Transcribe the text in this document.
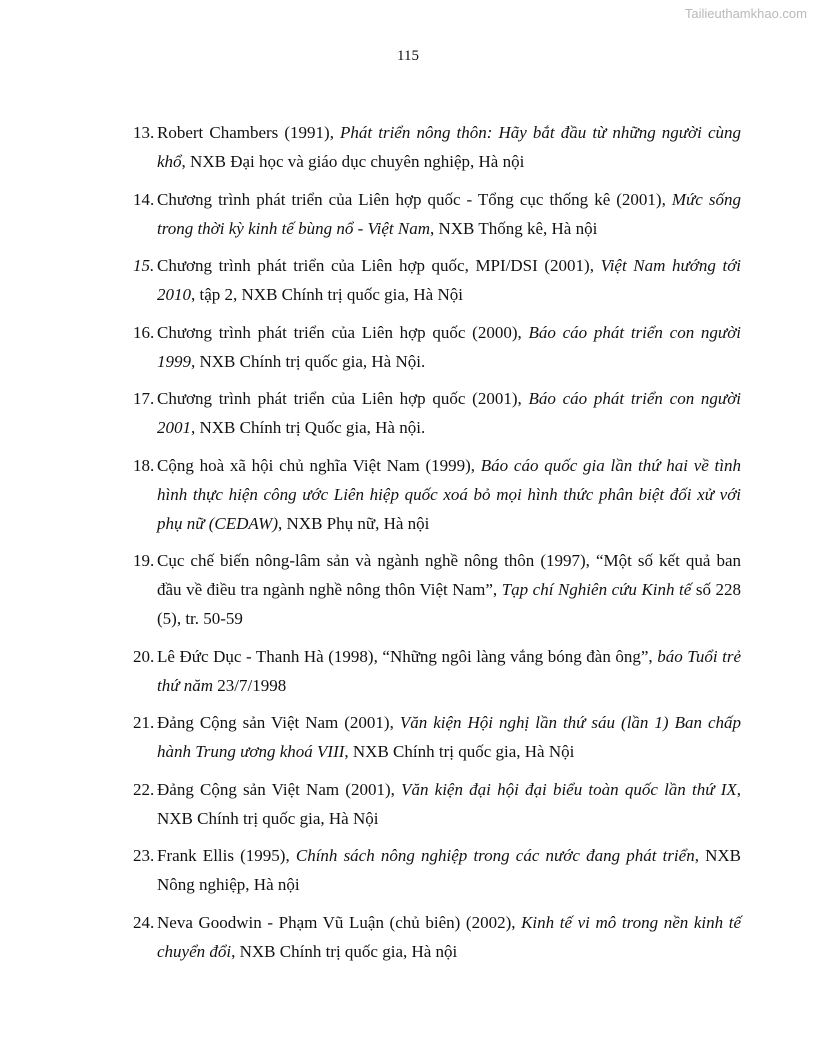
Tailieuthamkhao.com
115
13. Robert Chambers (1991), Phát triển nông thôn: Hãy bắt đầu từ những người cùng khổ, NXB Đại học và giáo dục chuyên nghiệp, Hà nội
14. Chương trình phát triển của Liên hợp quốc - Tổng cục thống kê (2001), Mức sống trong thời kỳ kinh tế bùng nổ - Việt Nam, NXB Thống kê, Hà nội
15. Chương trình phát triển của Liên hợp quốc, MPI/DSI (2001), Việt Nam hướng tới 2010, tập 2, NXB Chính trị quốc gia, Hà Nội
16. Chương trình phát triển của Liên hợp quốc (2000), Báo cáo phát triển con người 1999, NXB Chính trị quốc gia, Hà Nội.
17. Chương trình phát triển của Liên hợp quốc (2001), Báo cáo phát triển con người 2001, NXB Chính trị Quốc gia, Hà nội.
18. Cộng hoà xã hội chủ nghĩa Việt Nam (1999), Báo cáo quốc gia lần thứ hai về tình hình thực hiện công ước Liên hiệp quốc xoá bỏ mọi hình thức phân biệt đối xử với phụ nữ (CEDAW), NXB Phụ nữ, Hà nội
19. Cục chế biến nông-lâm sản và ngành nghề nông thôn (1997), “Một số kết quả ban đầu về điều tra ngành nghề nông thôn Việt Nam”, Tạp chí Nghiên cứu Kinh tế số 228 (5), tr. 50-59
20. Lê Đức Dục - Thanh Hà (1998), “Những ngôi làng vắng bóng đàn ông”, báo Tuổi trẻ thứ năm 23/7/1998
21. Đảng Cộng sản Việt Nam (2001), Văn kiện Hội nghị lần thứ sáu (lần 1) Ban chấp hành Trung ương khoá VIII, NXB Chính trị quốc gia, Hà Nội
22. Đảng Cộng sản Việt Nam (2001), Văn kiện đại hội đại biểu toàn quốc lần thứ IX, NXB Chính trị quốc gia, Hà Nội
23. Frank Ellis (1995), Chính sách nông nghiệp trong các nước đang phát triển, NXB Nông nghiệp, Hà nội
24. Neva Goodwin - Phạm Vũ Luận (chủ biên) (2002), Kinh tế vi mô trong nền kinh tế chuyển đổi, NXB Chính trị quốc gia, Hà nội
